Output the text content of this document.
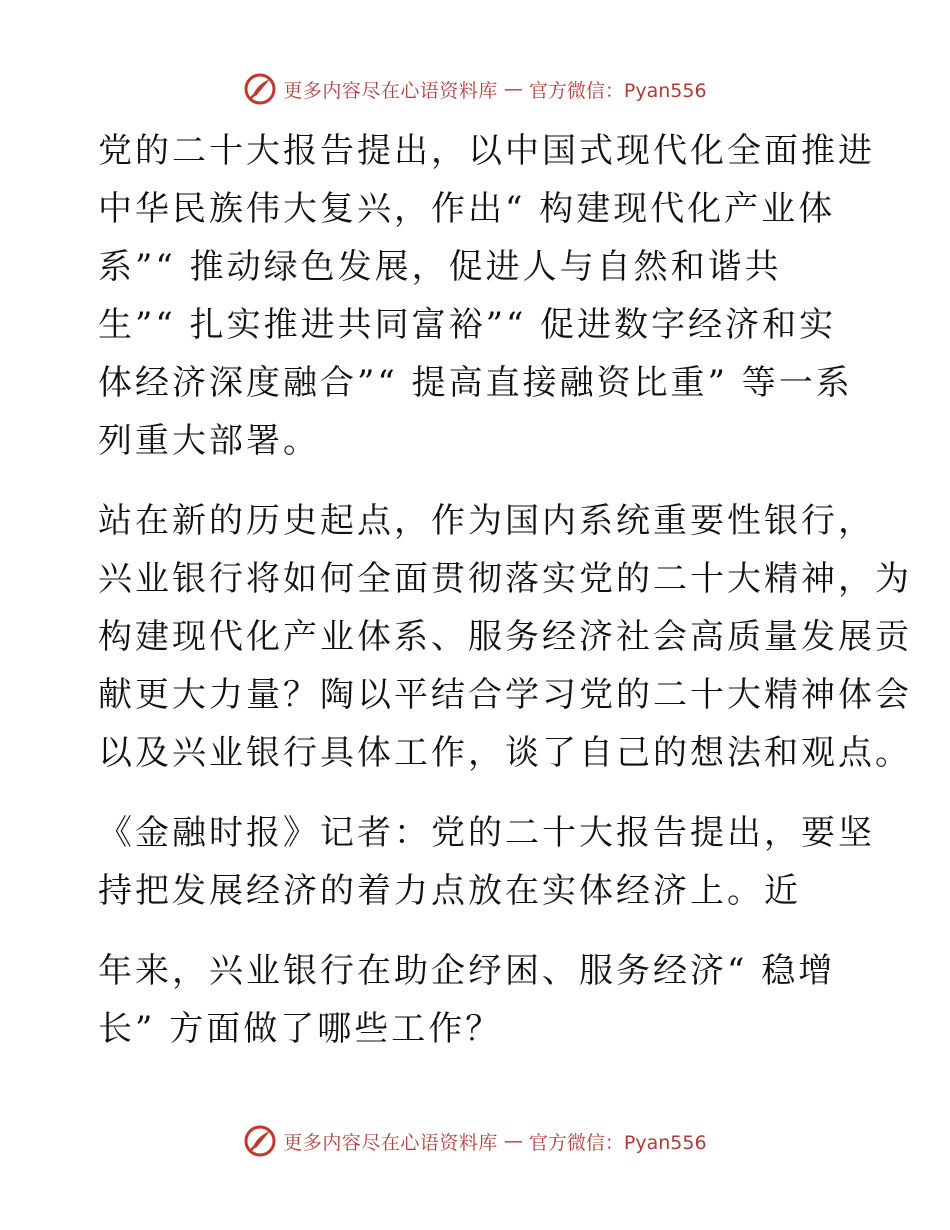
更多内容尽在心语资料库 — 官方微信：Pyan556
党的二十大报告提出，以中国式现代化全面推进
中华民族伟大复兴，作出“ 构建现代化产业体
系”“ 推动绿色发展，促进人与自然和谐共
生”“ 扎实推进共同富裕”“ 促进数字经济和实
体经济深度融合”“ 提高直接融资比重” 等一系
列重大部署。
站在新的历史起点，作为国内系统重要性银行，
兴业银行将如何全面贯彻落实党的二十大精神，为
构建现代化产业体系、服务经济社会高质量发展贡
献更大力量？陶以平结合学习党的二十大精神体会
以及兴业银行具体工作，谈了自己的想法和观点。
《金融时报》记者：党的二十大报告提出，要坚
持把发展经济的着力点放在实体经济上。近
年来，兴业银行在助企纾困、服务经济“ 稳增
长” 方面做了哪些工作？
更多内容尽在心语资料库 — 官方微信：Pyan556
